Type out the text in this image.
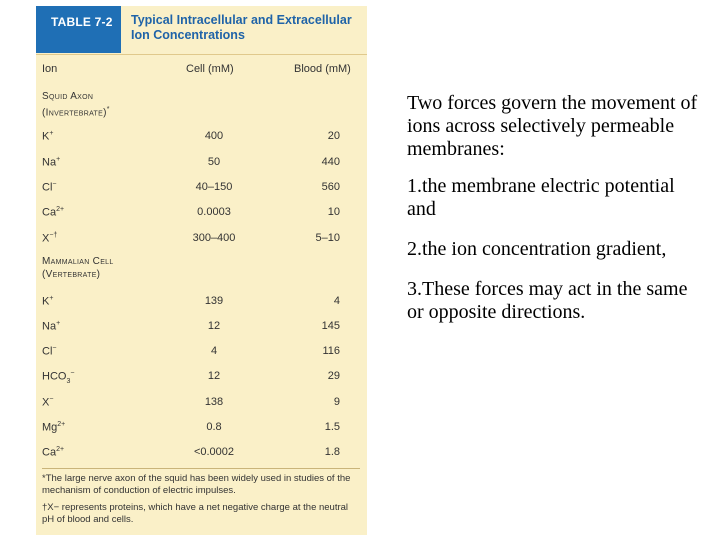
TABLE 7-2	Typical Intracellular and Extracellular Ion Concentrations
Ion	Cell (mM)	Blood (mM)
Squid Axon
(Invertebrate)*
K+	400	20
Na+	50	440
Cl−	40–150	560
$Ca^{2+}$	0.0003	10
X−†	300–400	5–10
Mammalian Cell
(Vertebrate)
K+	139	4
Na+	12	145
Cl−	4	116
$HCO_3^-$	12	29
X−	138	9
$Mg^{2+}$	0.8	1.5
$Ca^{2+}$	<0.0002	1.8
*The large nerve axon of the squid has been widely used in studies of the mechanism of conduction of electric impulses.
†X− represents proteins, which have a net negative charge at the neutral pH of blood and cells.

Two forces govern the movement of ions across selectively permeable membranes:

1.the membrane electric potential and

2.the ion concentration gradient,

3.These forces may act in the same or opposite directions.
